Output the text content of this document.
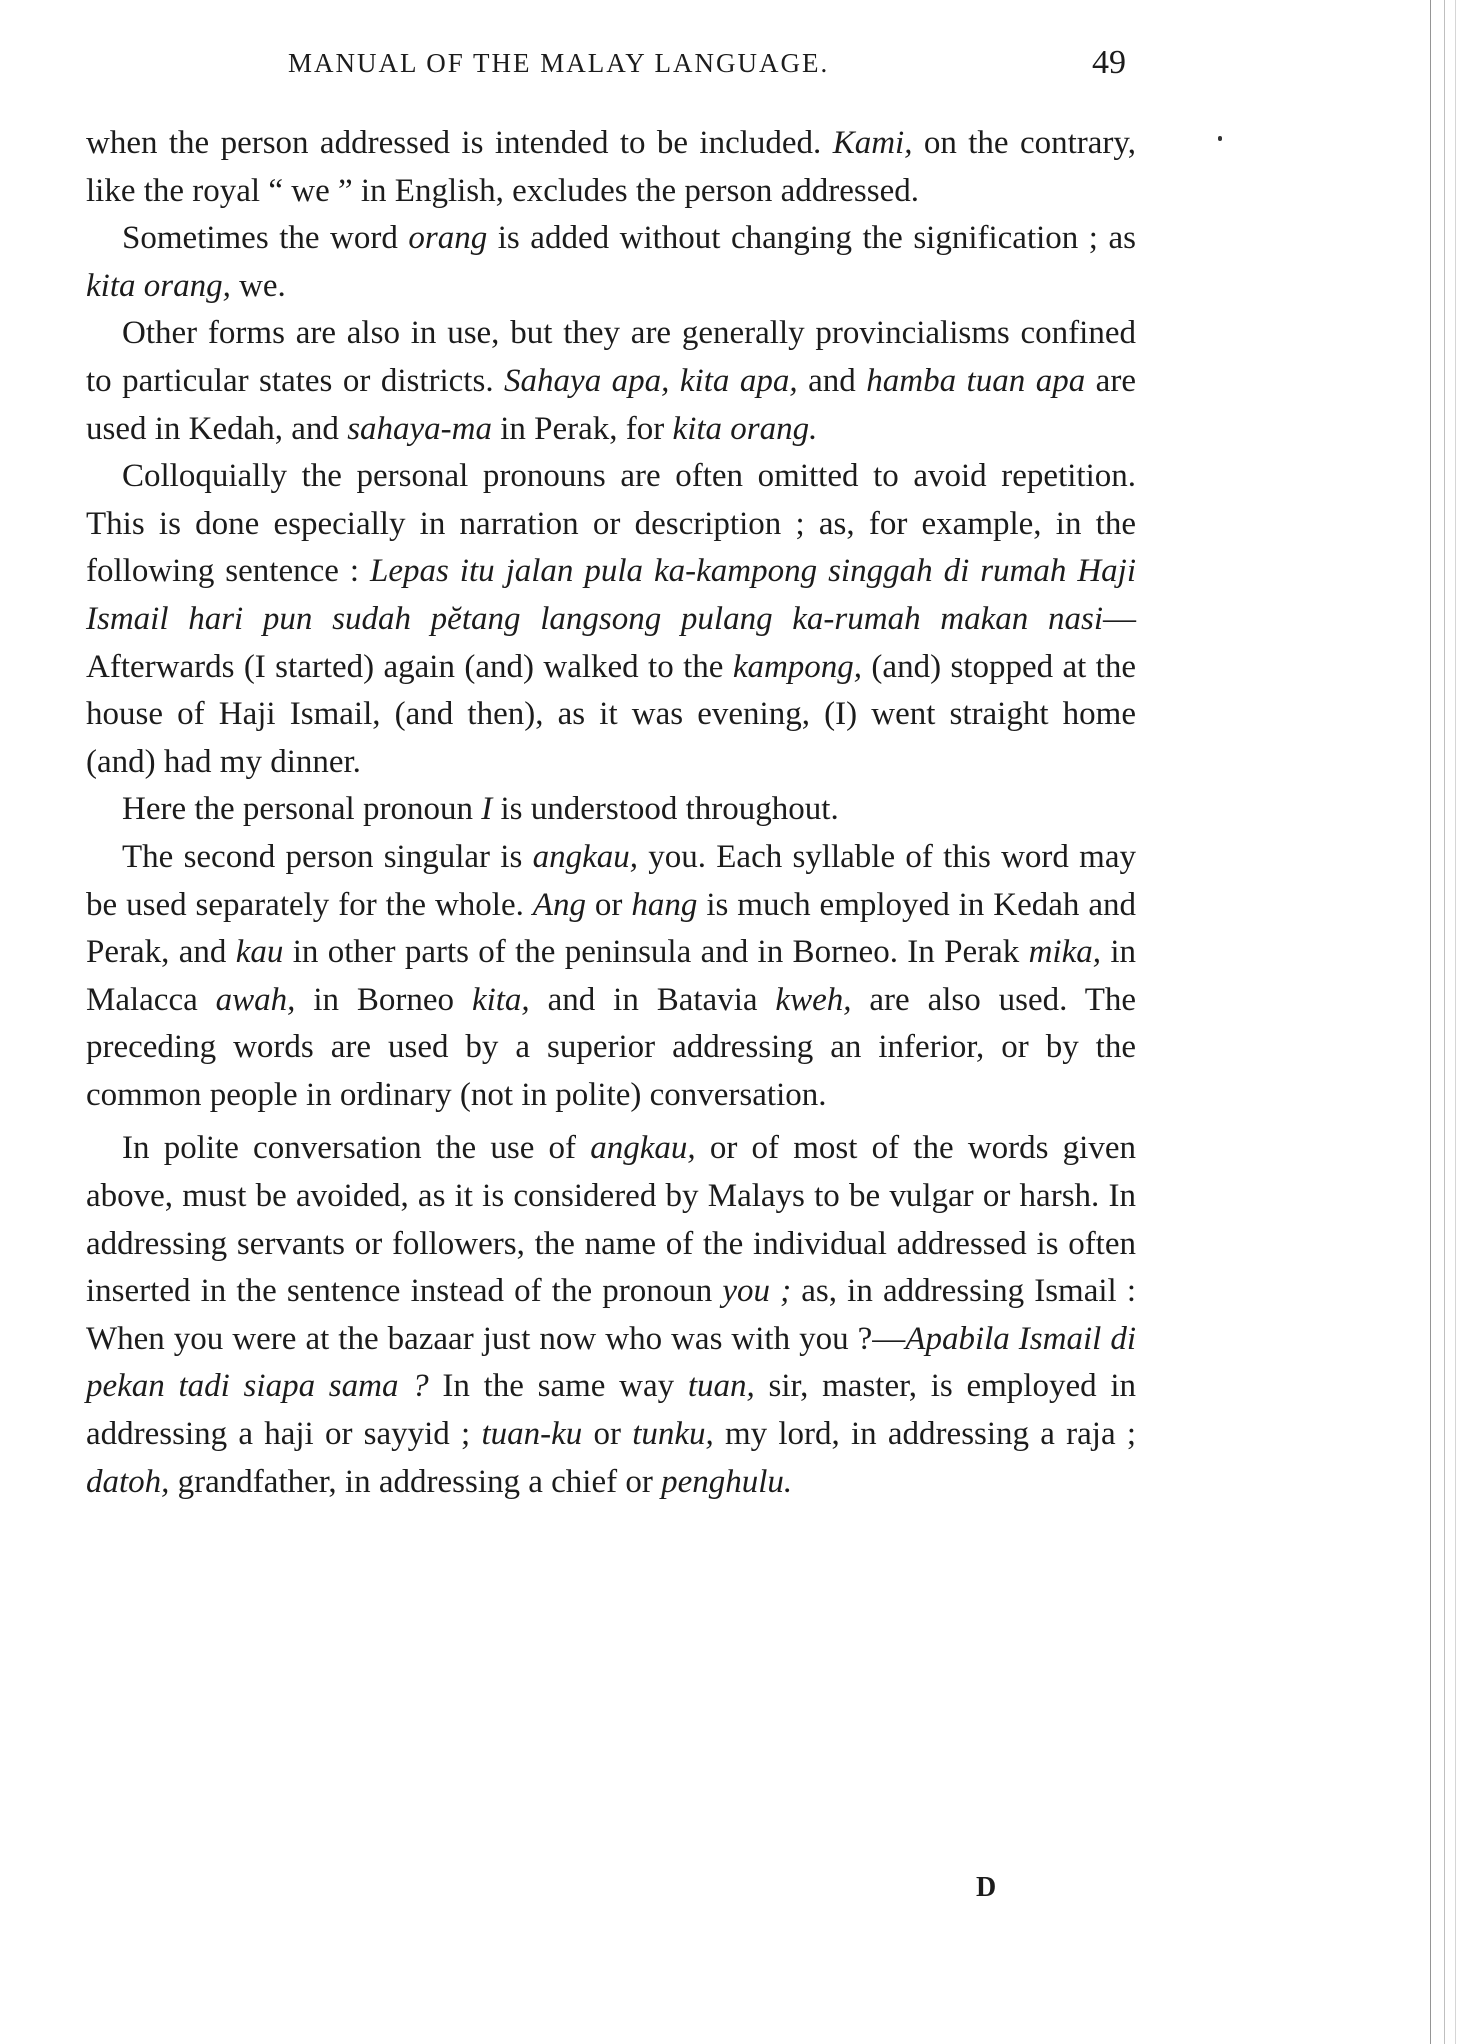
MANUAL OF THE MALAY LANGUAGE.	49

when the person addressed is intended to be included. Kami, on the contrary, like the royal “ we ” in English, excludes the person addressed.

Sometimes the word orang is added without changing the signification ; as kita orang, we.

Other forms are also in use, but they are generally provincialisms confined to particular states or districts. Sahaya apa, kita apa, and hamba tuan apa are used in Kedah, and sahaya-ma in Perak, for kita orang.

Colloquially the personal pronouns are often omitted to avoid repetition. This is done especially in narration or description ; as, for example, in the following sentence : Lepas itu jalan pula ka-kampong singgah di rumah Haji Ismail hari pun sudah pĕtang langsong pulang ka-rumah makan nasi—Afterwards (I started) again (and) walked to the kampong, (and) stopped at the house of Haji Ismail, (and then), as it was evening, (I) went straight home (and) had my dinner.

Here the personal pronoun I is understood throughout.

The second person singular is angkau, you. Each syllable of this word may be used separately for the whole. Ang or hang is much employed in Kedah and Perak, and kau in other parts of the peninsula and in Borneo. In Perak mika, in Malacca awah, in Borneo kita, and in Batavia kweh, are also used. The preceding words are used by a superior addressing an inferior, or by the common people in ordinary (not in polite) conversation.

In polite conversation the use of angkau, or of most of the words given above, must be avoided, as it is considered by Malays to be vulgar or harsh. In addressing servants or followers, the name of the individual addressed is often inserted in the sentence instead of the pronoun you ; as, in addressing Ismail : When you were at the bazaar just now who was with you ?—Apabila Ismail di pekan tadi siapa sama ? In the same way tuan, sir, master, is employed in addressing a haji or sayyid ; tuan-ku or tunku, my lord, in addressing a raja ; datoh, grandfather, in addressing a chief or penghulu.

D
